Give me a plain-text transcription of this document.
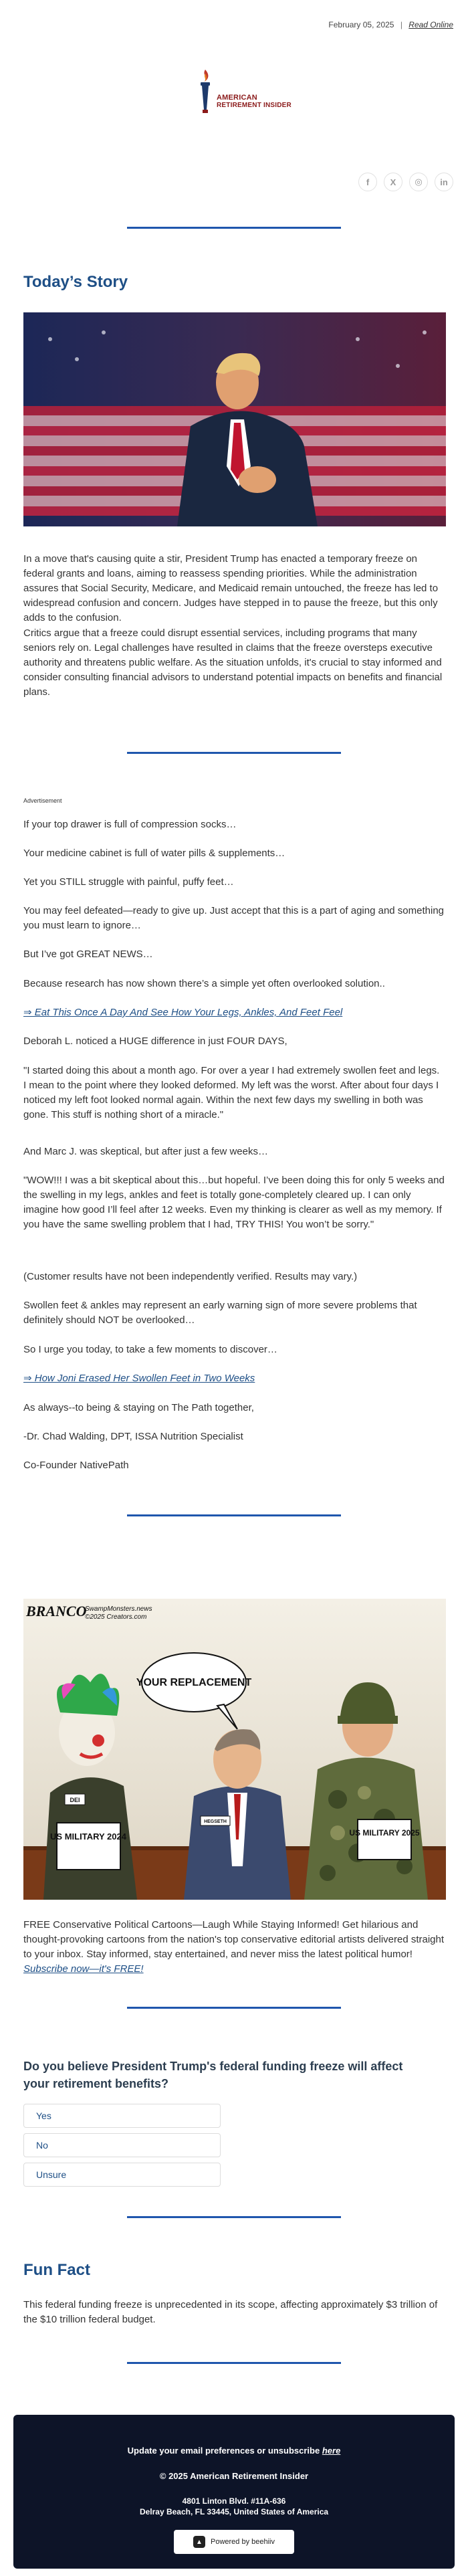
February 05, 2025 | Read Online
AMERICAN
RETIREMENT INSIDER
f	X	◎	in
Today’s Story

In a move that's causing quite a stir, President Trump has enacted a temporary freeze on federal grants and loans, aiming to reassess spending priorities. While the administration assures that Social Security, Medicare, and Medicaid remain untouched, the freeze has led to widespread confusion and concern. Judges have stepped in to pause the freeze, but this only adds to the confusion.

Critics argue that a freeze could disrupt essential services, including programs that many seniors rely on. Legal challenges have resulted in claims that the freeze oversteps executive authority and threatens public welfare. As the situation unfolds, it's crucial to stay informed and consider consulting financial advisors to understand potential impacts on benefits and financial plans.

Advertisement

If your top drawer is full of compression socks…

Your medicine cabinet is full of water pills & supplements…

Yet you STILL struggle with painful, puffy feet…

You may feel defeated—ready to give up. Just accept that this is a part of aging and something you must learn to ignore…

But I’ve got GREAT NEWS…

Because research has now shown there’s a simple yet often overlooked solution..

⇒ Eat This Once A Day And See How Your Legs, Ankles, And Feet Feel

Deborah L. noticed a HUGE difference in just FOUR DAYS,

"I started doing this about a month ago. For over a year I had extremely swollen feet and legs. I mean to the point where they looked deformed. My left was the worst. After about four days I noticed my left foot looked normal again. Within the next few days my swelling in both was gone. This stuff is nothing short of a miracle."

And Marc J. was skeptical, but after just a few weeks…

"WOW!!! I was a bit skeptical about this…but hopeful. I’ve been doing this for only 5 weeks and the swelling in my legs, ankles and feet is totally gone-completely cleared up. I can only imagine how good I’ll feel after 12 weeks. Even my thinking is clearer as well as my memory. If you have the same swelling problem that I had, TRY THIS! You won’t be sorry."

(Customer results have not been independently verified. Results may vary.)

Swollen feet & ankles may represent an early warning sign of more severe problems that definitely should NOT be overlooked…

So I urge you today, to take a few moments to discover…

⇒ How Joni Erased Her Swollen Feet in Two Weeks

As always--to being & staying on The Path together,

-Dr. Chad Walding, DPT, ISSA Nutrition Specialist

Co-Founder NativePath

BRANCO
SwampMonsters.news
©2025 Creators.com
YOUR REPLACEMENT
US MILITARY 2024
DEI
HEGSETH
US MILITARY 2025

FREE Conservative Political Cartoons—Laugh While Staying Informed! Get hilarious and thought-provoking cartoons from the nation's top conservative editorial artists delivered straight to your inbox. Stay informed, stay entertained, and never miss the latest political humor! Subscribe now—it's FREE!

Do you believe President Trump's federal funding freeze will affect your retirement benefits?
Yes
No
Unsure
Fun Fact

This federal funding freeze is unprecedented in its scope, affecting approximately $3 trillion of the $10 trillion federal budget.

Update your email preferences or unsubscribe here
© 2025 American Retirement Insider
4801 Linton Blvd. #11A-636
Delray Beach, FL 33445, United States of America
▲	Powered by beehiiv
